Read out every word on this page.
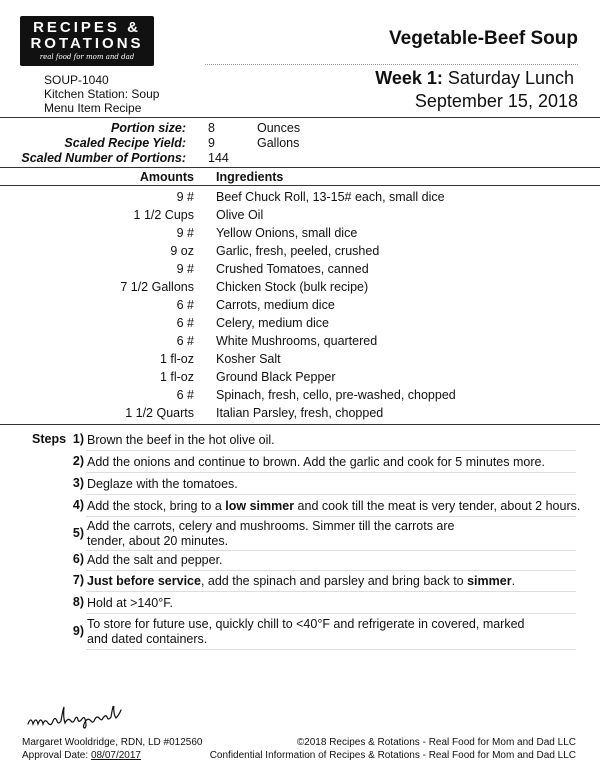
RECIPES &
ROTATIONS
real food for mom and dad
Vegetable-Beef Soup
SOUP-1040
Kitchen Station: Soup
Menu Item Recipe
Week 1: Saturday Lunch
September 15, 2018
Portion size: 8	Ounces
Scaled Recipe Yield: 9	Gallons
Scaled Number of Portions: 144
Amounts Ingredients
9 # Beef Chuck Roll, 13-15# each, small dice
1 1/2 Cups Olive Oil
9 # Yellow Onions, small dice
9 oz Garlic, fresh, peeled, crushed
9 # Crushed Tomatoes, canned
7 1/2 Gallons Chicken Stock (bulk recipe)
6 # Carrots, medium dice
6 # Celery, medium dice
6 # White Mushrooms, quartered
1 fl-oz Kosher Salt
1 fl-oz Ground Black Pepper
6 # Spinach, fresh, cello, pre-washed, chopped
1 1/2 Quarts Italian Parsley, fresh, chopped
Steps 1) Brown the beef in the hot olive oil.
2) Add the onions and continue to brown. Add the garlic and cook for 5 minutes more.
3) Deglaze with the tomatoes.
4) Add the stock, bring to a low simmer and cook till the meat is very tender, about 2 hours.
5) Add the carrots, celery and mushrooms. Simmer till the carrots are
tender, about 20 minutes.
6) Add the salt and pepper.
7) Just before service, add the spinach and parsley and bring back to simmer.
8) Hold at >140°F.
9) To store for future use, quickly chill to <40°F and refrigerate in covered, marked
and dated containers.
Margaret Wooldridge, RDN, LD #012560
Approval Date: 08/07/2017
©2018 Recipes & Rotations - Real Food for Mom and Dad LLC
Confidential Information of Recipes & Rotations - Real Food for Mom and Dad LLC
